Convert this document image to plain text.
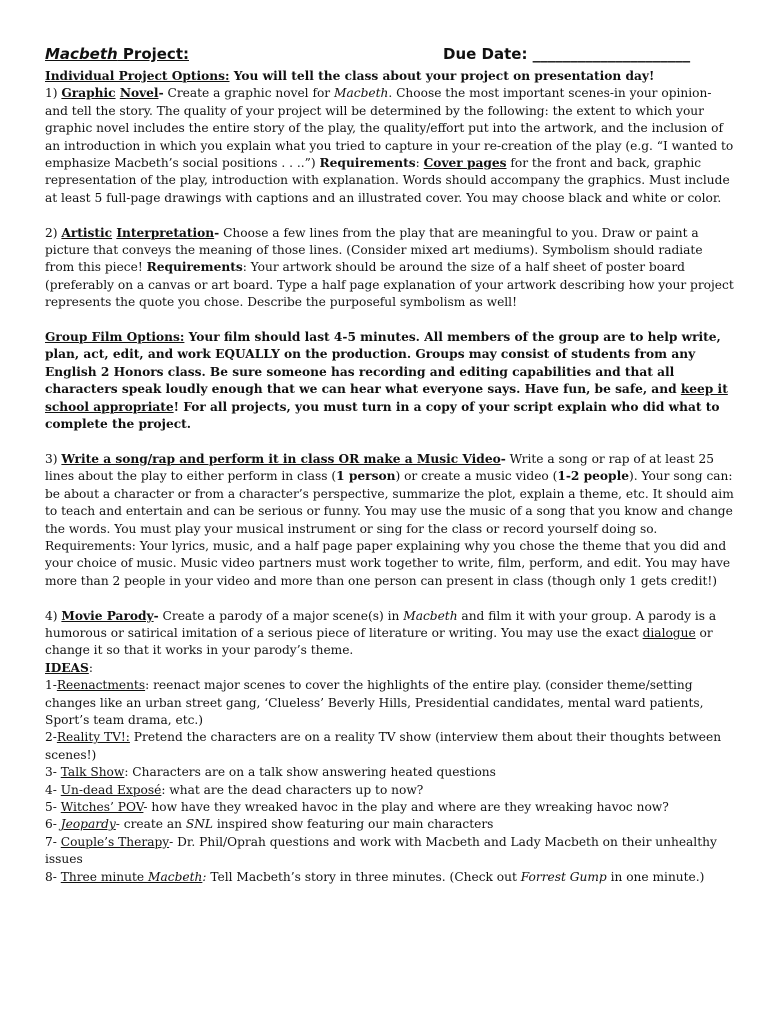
Macbeth Project:	Due Date: _____________________

Individual Project Options: You will tell the class about your project on presentation day!

1) Graphic Novel- Create a graphic novel for Macbeth. Choose the most important scenes-in your opinion- and tell the story. The quality of your project will be determined by the following: the extent to which your graphic novel includes the entire story of the play, the quality/effort put into the artwork, and the inclusion of an introduction in which you explain what you tried to capture in your re-creation of the play (e.g. “I wanted to emphasize Macbeth’s social positions . . ..”) Requirements: Cover pages for the front and back, graphic representation of the play, introduction with explanation. Words should accompany the graphics. Must include at least 5 full-page drawings with captions and an illustrated cover. You may choose black and white or color.

2) Artistic Interpretation- Choose a few lines from the play that are meaningful to you. Draw or paint a picture that conveys the meaning of those lines. (Consider mixed art mediums). Symbolism should radiate from this piece! Requirements: Your artwork should be around the size of a half sheet of poster board (preferably on a canvas or art board. Type a half page explanation of your artwork describing how your project represents the quote you chose. Describe the purposeful symbolism as well!

Group Film Options: Your film should last 4-5 minutes. All members of the group are to help write, plan, act, edit, and work EQUALLY on the production. Groups may consist of students from any English 2 Honors class. Be sure someone has recording and editing capabilities and that all characters speak loudly enough that we can hear what everyone says. Have fun, be safe, and keep it school appropriate! For all projects, you must turn in a copy of your script explain who did what to complete the project.

3) Write a song/rap and perform it in class OR make a Music Video- Write a song or rap of at least 25 lines about the play to either perform in class (1 person) or create a music video (1-2 people). Your song can: be about a character or from a character’s perspective, summarize the plot, explain a theme, etc. It should aim to teach and entertain and can be serious or funny. You may use the music of a song that you know and change the words. You must play your musical instrument or sing for the class or record yourself doing so. Requirements: Your lyrics, music, and a half page paper explaining why you chose the theme that you did and your choice of music. Music video partners must work together to write, film, perform, and edit. You may have more than 2 people in your video and more than one person can present in class (though only 1 gets credit!)

4) Movie Parody- Create a parody of a major scene(s) in Macbeth and film it with your group. A parody is a humorous or satirical imitation of a serious piece of literature or writing. You may use the exact dialogue or change it so that it works in your parody’s theme.

IDEAS:

1-Reenactments: reenact major scenes to cover the highlights of the entire play. (consider theme/setting changes like an urban street gang, ‘Clueless’ Beverly Hills, Presidential candidates, mental ward patients, Sport’s team drama, etc.)

2-Reality TV!: Pretend the characters are on a reality TV show (interview them about their thoughts between scenes!)

3- Talk Show: Characters are on a talk show answering heated questions

4- Un-dead Exposé: what are the dead characters up to now?

5- Witches’ POV- how have they wreaked havoc in the play and where are they wreaking havoc now?

6- Jeopardy- create an SNL inspired show featuring our main characters

7- Couple’s Therapy- Dr. Phil/Oprah questions and work with Macbeth and Lady Macbeth on their unhealthy issues

8- Three minute Macbeth: Tell Macbeth’s story in three minutes. (Check out Forrest Gump in one minute.)
